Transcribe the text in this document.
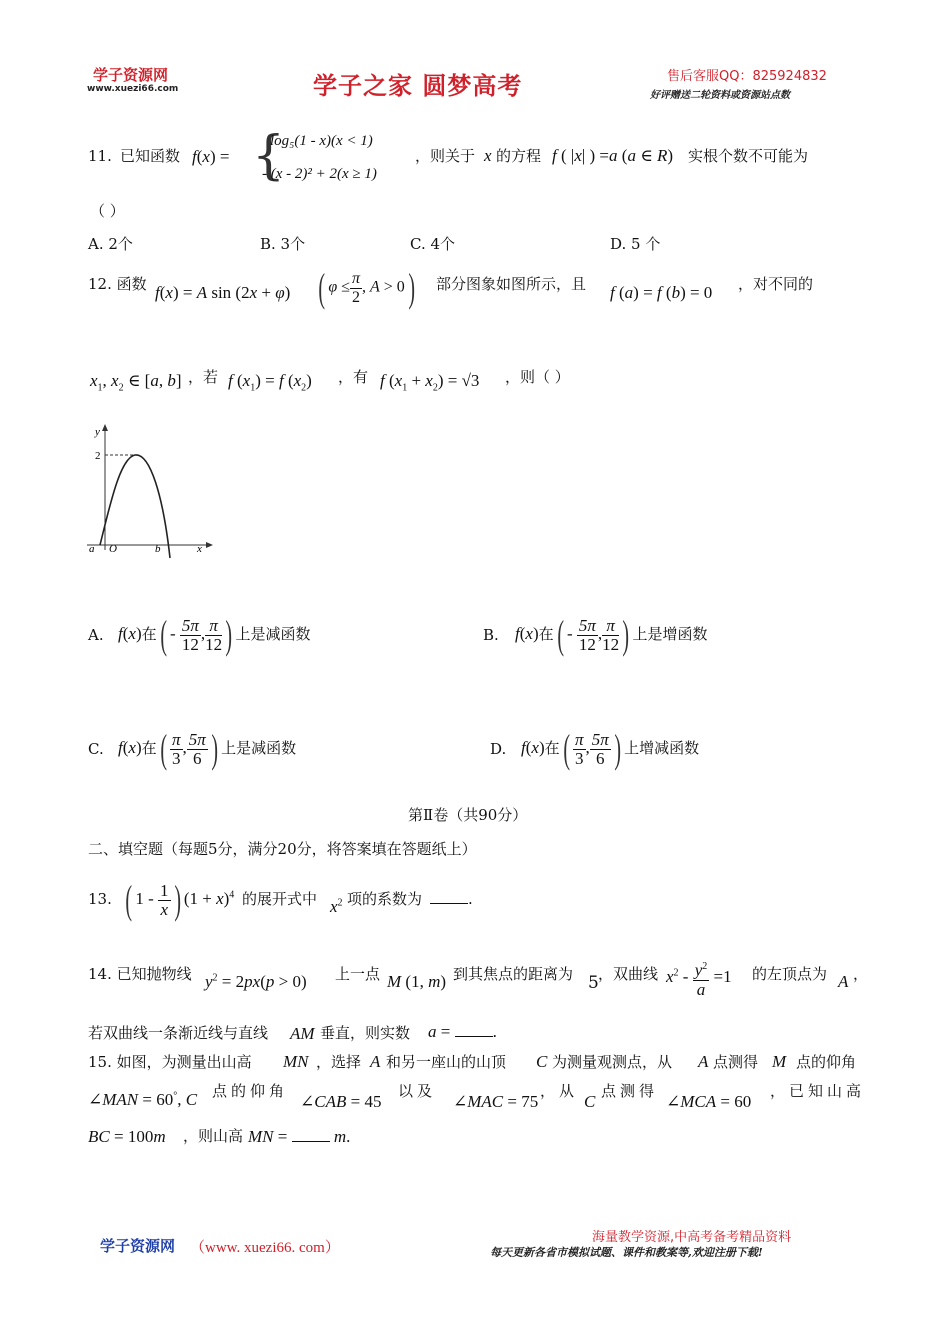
学子资源网
www.xuezi66.com	学子之家 圆梦高考	售后客服QQ：825924832
好评赠送二轮资料或资源站点数
11. 已知函数 f(x) = {
log₅(1 - x)(x < 1)
- (x - 2)² + 2(x ≥ 1)
，则关于 x 的方程 f ( |x| ) =a (a ∈ R) 实根个数不可能为
（ ）
A. 2个	B. 3个	C. 4个	D. 5 个
12. 函数 f(x) = A sin (2x + φ) ( $\varphi \le \frac{\pi}{2}$ , A > 0) 部分图象如图所示，且 f (a) = f (b) = 0 ，对不同的
$x_1$, $x_2$ ∈ [a, b] ，若 f $(x_1) = f$ $(x_2)$ ，有 f $(x_1 + x_2) = √3$ ，则（ ）
y
2
a O	b	x
A. f(x)在( - $\frac{5\pi}{12}$ , $\frac{\pi}{12}$ ) 上是减函数	B. f(x)在( - $\frac{5\pi}{12}$ , $\frac{\pi}{12}$ ) 上是增函数
C. f(x)在( $\frac{\pi}{3}$ , $\frac{5\pi}{6}$ ) 上是减函数	D. f(x)在( $\frac{\pi}{3}$ , $\frac{5\pi}{6}$ ) 上增减函数
第Ⅱ卷（共90分）
二、填空题（每题5分，满分20分，将答案填在答题纸上）
13. ( $1 - \frac{1}{x}$ ) $(1 + x)^4$ 的展开式中 $x^2$ 项的系数为	.
14. 已知抛物线 $y^2 = 2px(p > 0)$ 上一点 M (1, m) 到其焦点的距离为 5 ，双曲线 $x^2 - \frac{y^2}{a} =1$ 的左顶点为 A ，
若双曲线一条渐近线与直线 AM 垂直，则实数 a = .
15. 如图，为测量出山高 MN ，选择 A 和另一座山的山顶 C 为测量观测点，从 A 点测得 M 点的仰角
∠MAN = 60°, C 点的仰角
∠CAB = 45
以及
∠MAC = 75
，从
C
点测得
∠MCA = 60
，已知山高
BC = 100m ，则山高 MN =  m.
学子资源网 （www. xuezi66. com）
海量教学资源,中高考备考精品资料
每天更新各省市模拟试题、课件和教案等,欢迎注册下载!
